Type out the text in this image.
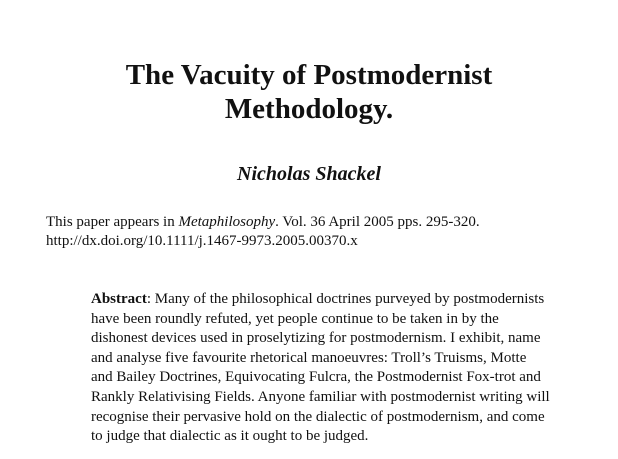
The Vacuity of Postmodernist
Methodology.

Nicholas Shackel

This paper appears in Metaphilosophy. Vol. 36 April 2005 pps. 295-320.
http://dx.doi.org/10.1111/j.1467-9973.2005.00370.x

Abstract: Many of the philosophical doctrines purveyed by postmodernists
have been roundly refuted, yet people continue to be taken in by the
dishonest devices used in proselytizing for postmodernism. I exhibit, name
and analyse five favourite rhetorical manoeuvres: Troll’s Truisms, Motte
and Bailey Doctrines, Equivocating Fulcra, the Postmodernist Fox-trot and
Rankly Relativising Fields. Anyone familiar with postmodernist writing will
recognise their pervasive hold on the dialectic of postmodernism, and come
to judge that dialectic as it ought to be judged.
